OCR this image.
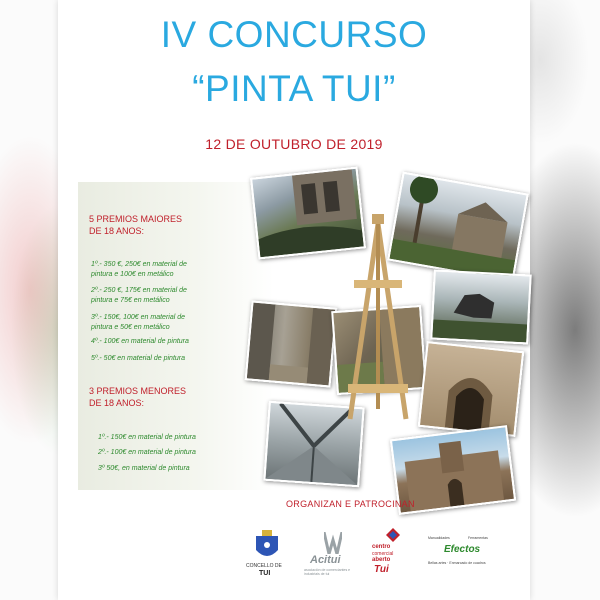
IV CONCURSO
“PINTA TUI”
12 DE OUTUBRO DE 2019
5 PREMIOS MAIORES
DE 18 ANOS:
1º.- 350 €, 250€ en material de
pintura e 100€ en metálico
2º.- 250 €, 175€ en material de
pintura e 75€ en metálico
3º.- 150€, 100€ en material de
pintura e 50€ en metálico
4º.- 100€ en material de pintura
5º.- 50€ en material de pintura
3 PREMIOS MENORES
DE 18 ANOS:
1º.- 150€ en material de pintura
2º.- 100€ en material de pintura
3º 50€, en material de pintura
ORGANIZAN E PATROCINAN
CONCELLO DE
TUI
Acitui
asociación de comerciantes e industriais de tui
centro
comercial
aberto
Tui
Manualidades	Ferramentas
Efectos
Bellas artes · Enmarcado de cuadros
